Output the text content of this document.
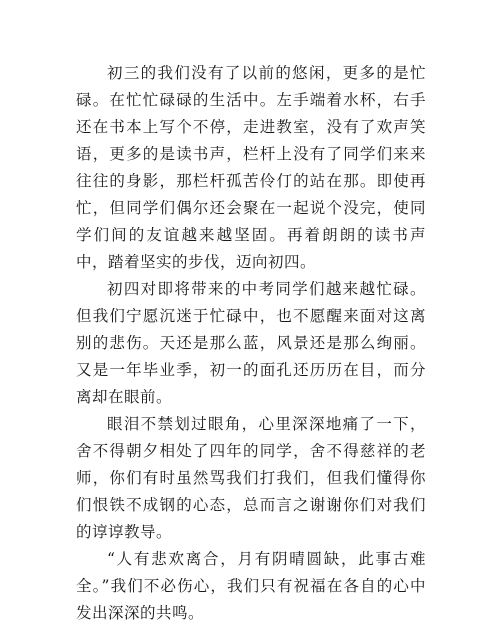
初三的我们没有了以前的悠闲，更多的是忙碌。在忙忙碌碌的生活中。左手端着水杯，右手还在书本上写个不停，走进教室，没有了欢声笑语，更多的是读书声，栏杆上没有了同学们来来往往的身影，那栏杆孤苦伶仃的站在那。即使再忙，但同学们偶尔还会聚在一起说个没完，使同学们间的友谊越来越坚固。再着朗朗的读书声中，踏着坚实的步伐，迈向初四。

初四对即将带来的中考同学们越来越忙碌。但我们宁愿沉迷于忙碌中，也不愿醒来面对这离别的悲伤。天还是那么蓝，风景还是那么绚丽。又是一年毕业季，初一的面孔还历历在目，而分离却在眼前。

眼泪不禁划过眼角，心里深深地痛了一下，舍不得朝夕相处了四年的同学，舍不得慈祥的老师，你们有时虽然骂我们打我们，但我们懂得你们恨铁不成钢的心态，总而言之谢谢你们对我们的谆谆教导。

“人有悲欢离合，月有阴晴圆缺，此事古难全。”我们不必伤心，我们只有祝福在各自的心中发出深深的共鸣。
